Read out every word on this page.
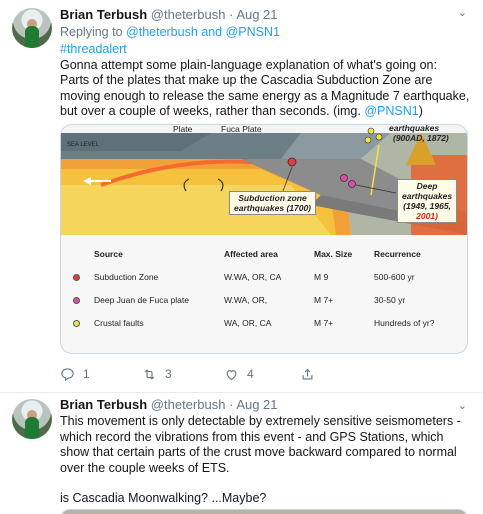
Brian Terbush @theterbush · Aug 21	⌄
Replying to @theterbush and @PNSN1

#threadalert

Gonna attempt some plain-language explanation of what's going on:

Parts of the plates that make up the Cascadia Subduction Zone are moving enough to release the same energy as a Magnitude 7 earthquake, but over a couple of weeks, rather than seconds. (img. @PNSN1)

Plate	Fuca Plate
SEA LEVEL
earthquakes
(900AD, 1872)
Subduction zone
earthquakes (1700)
Deep
earthquakes
(1949, 1965,
2001)
Source	Affected area	Max. Size	Recurrence
Subduction Zone	W.WA, OR, CA	M 9	500-600 yr
Deep Juan de Fuca plate	W.WA, OR,	M 7+	30-50 yr
Crustal faults	WA, OR, CA	M 7+	Hundreds of yr?
1	3	4
Brian Terbush @theterbush · Aug 21	⌄

This movement is only detectable by extremely sensitive seismometers - which record the vibrations from this event - and GPS Stations, which show that certain parts of the crust move backward compared to normal over the couple weeks of ETS.

is Cascadia Moonwalking? ...Maybe?
